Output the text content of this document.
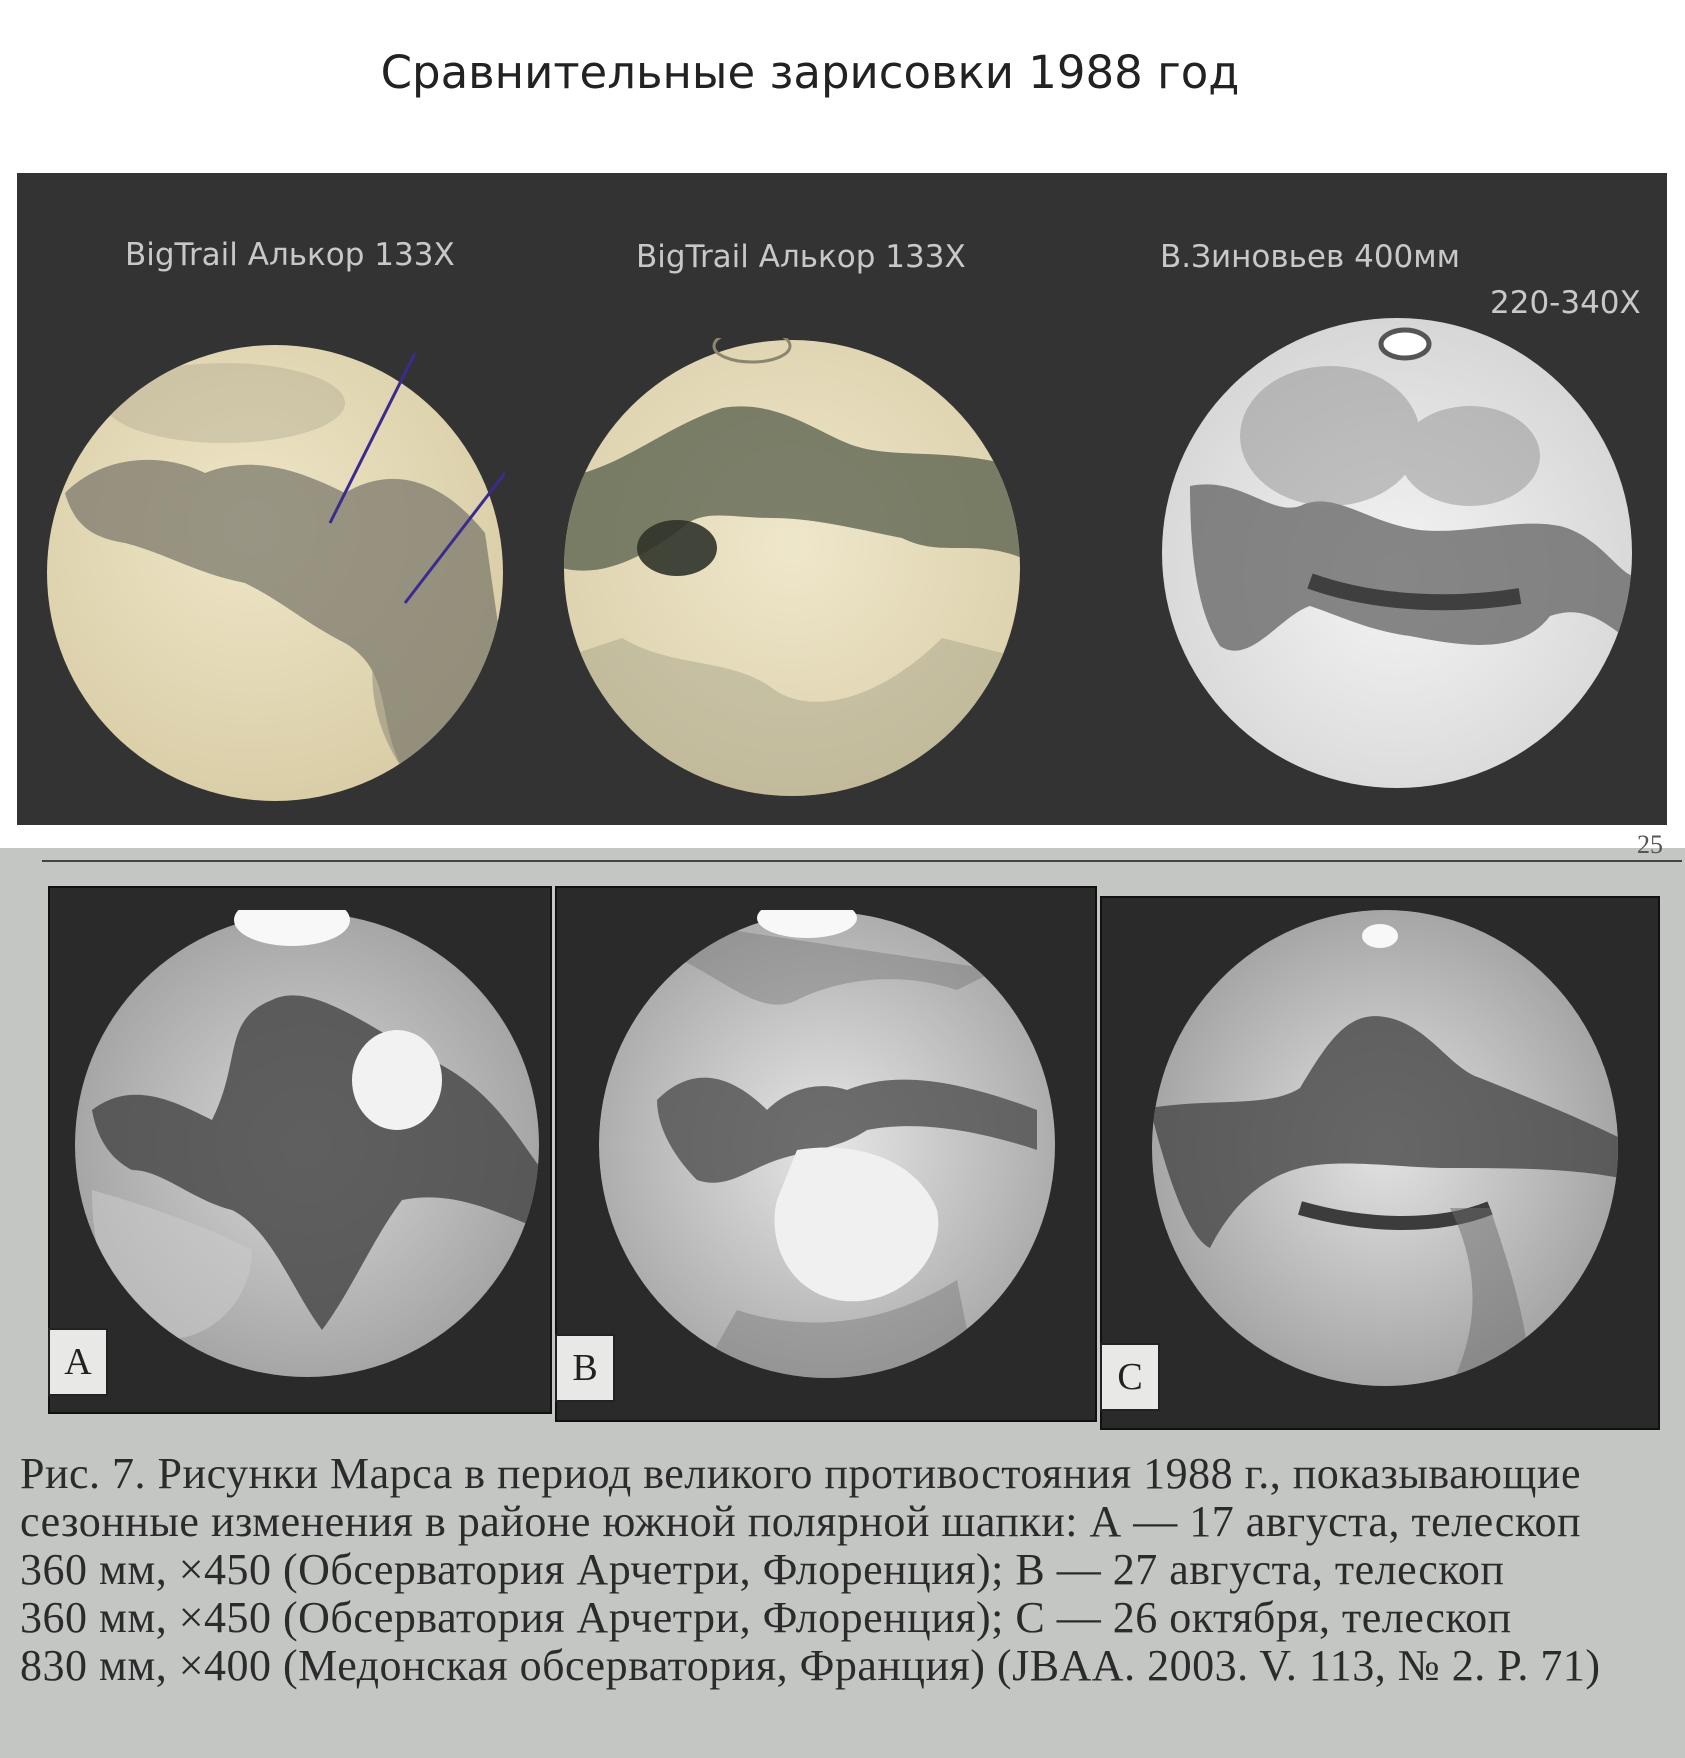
Сравнительные зарисовки 1988 год
BigTrail Алькор 133X	BigTrail Алькор 133X	В.Зиновьев 400мм
220-340X
25
A	B	C
Рис. 7. Рисунки Марса в период великого противостояния 1988 г., показывающие
сезонные изменения в районе южной полярной шапки: А — 17 августа, телескоп
360 мм, ×450 (Обсерватория Арчетри, Флоренция); В — 27 августа, телескоп
360 мм, ×450 (Обсерватория Арчетри, Флоренция); С — 26 октября, телескоп
830 мм, ×400 (Медонская обсерватория, Франция) (JBAA. 2003. V. 113, № 2. P. 71)
